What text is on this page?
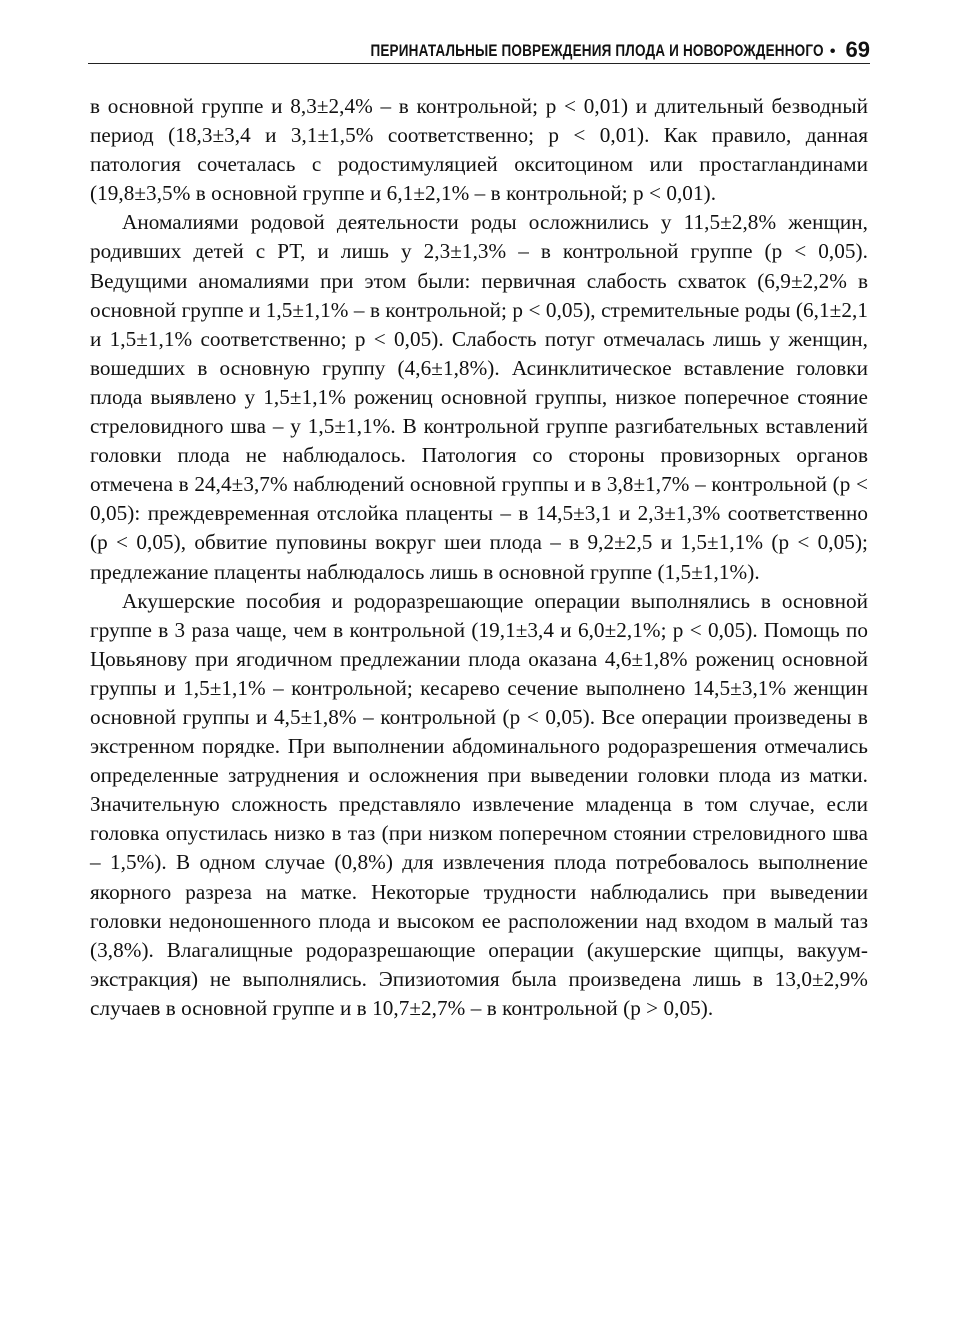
ПЕРИНАТАЛЬНЫЕ ПОВРЕЖДЕНИЯ ПЛОДА И НОВОРОЖДЕННОГО • 69

в основной группе и 8,3±2,4% – в контрольной; p < 0,01) и длительный безводный период (18,3±3,4 и 3,1±1,5% соответственно; p < 0,01). Как правило, данная патология сочеталась с родостимуляцией окситоцином или простагландинами (19,8±3,5% в основной группе и 6,1±2,1% – в контрольной; p < 0,01).

Аномалиями родовой деятельности роды осложнились у 11,5±2,8% женщин, родивших детей с РТ, и лишь у 2,3±1,3% – в контрольной группе (p < 0,05). Ведущими аномалиями при этом были: первичная слабость схваток (6,9±2,2% в основной группе и 1,5±1,1% – в контрольной; p < 0,05), стремительные роды (6,1±2,1 и 1,5±1,1% соответственно; p < 0,05). Слабость потуг отмечалась лишь у женщин, вошедших в основную группу (4,6±1,8%). Асинклитическое вставление головки плода выявлено у 1,5±1,1% рожениц основной группы, низкое поперечное стояние стреловидного шва – у 1,5±1,1%. В контрольной группе разгибательных вставлений головки плода не наблюдалось. Патология со стороны провизорных органов отмечена в 24,4±3,7% наблюдений основной группы и в 3,8±1,7% – контрольной (p < 0,05): преждевременная отслойка плаценты – в 14,5±3,1 и 2,3±1,3% соответственно (p < 0,05), обвитие пуповины вокруг шеи плода – в 9,2±2,5 и 1,5±1,1% (p < 0,05); предлежание плаценты наблюдалось лишь в основной группе (1,5±1,1%).

Акушерские пособия и родоразрешающие операции выполнялись в основной группе в 3 раза чаще, чем в контрольной (19,1±3,4 и 6,0±2,1%; p < 0,05). Помощь по Цовьянову при ягодичном предлежании плода оказана 4,6±1,8% рожениц основной группы и 1,5±1,1% – контрольной; кесарево сечение выполнено 14,5±3,1% женщин основной группы и 4,5±1,8% – контрольной (p < 0,05). Все операции произведены в экстренном порядке. При выполнении абдоминального родоразрешения отмечались определенные затруднения и осложнения при выведении головки плода из матки. Значительную сложность представляло извлечение младенца в том случае, если головка опустилась низко в таз (при низком поперечном стоянии стреловидного шва – 1,5%). В одном случае (0,8%) для извлечения плода потребовалось выполнение якорного разреза на матке. Некоторые трудности наблюдались при выведении головки недоношенного плода и высоком ее расположении над входом в малый таз (3,8%). Влагалищные родоразрешающие операции (акушерские щипцы, вакуум-экстракция) не выполнялись. Эпизиотомия была произведена лишь в 13,0±2,9% случаев в основной группе и в 10,7±2,7% – в контрольной (p > 0,05).
